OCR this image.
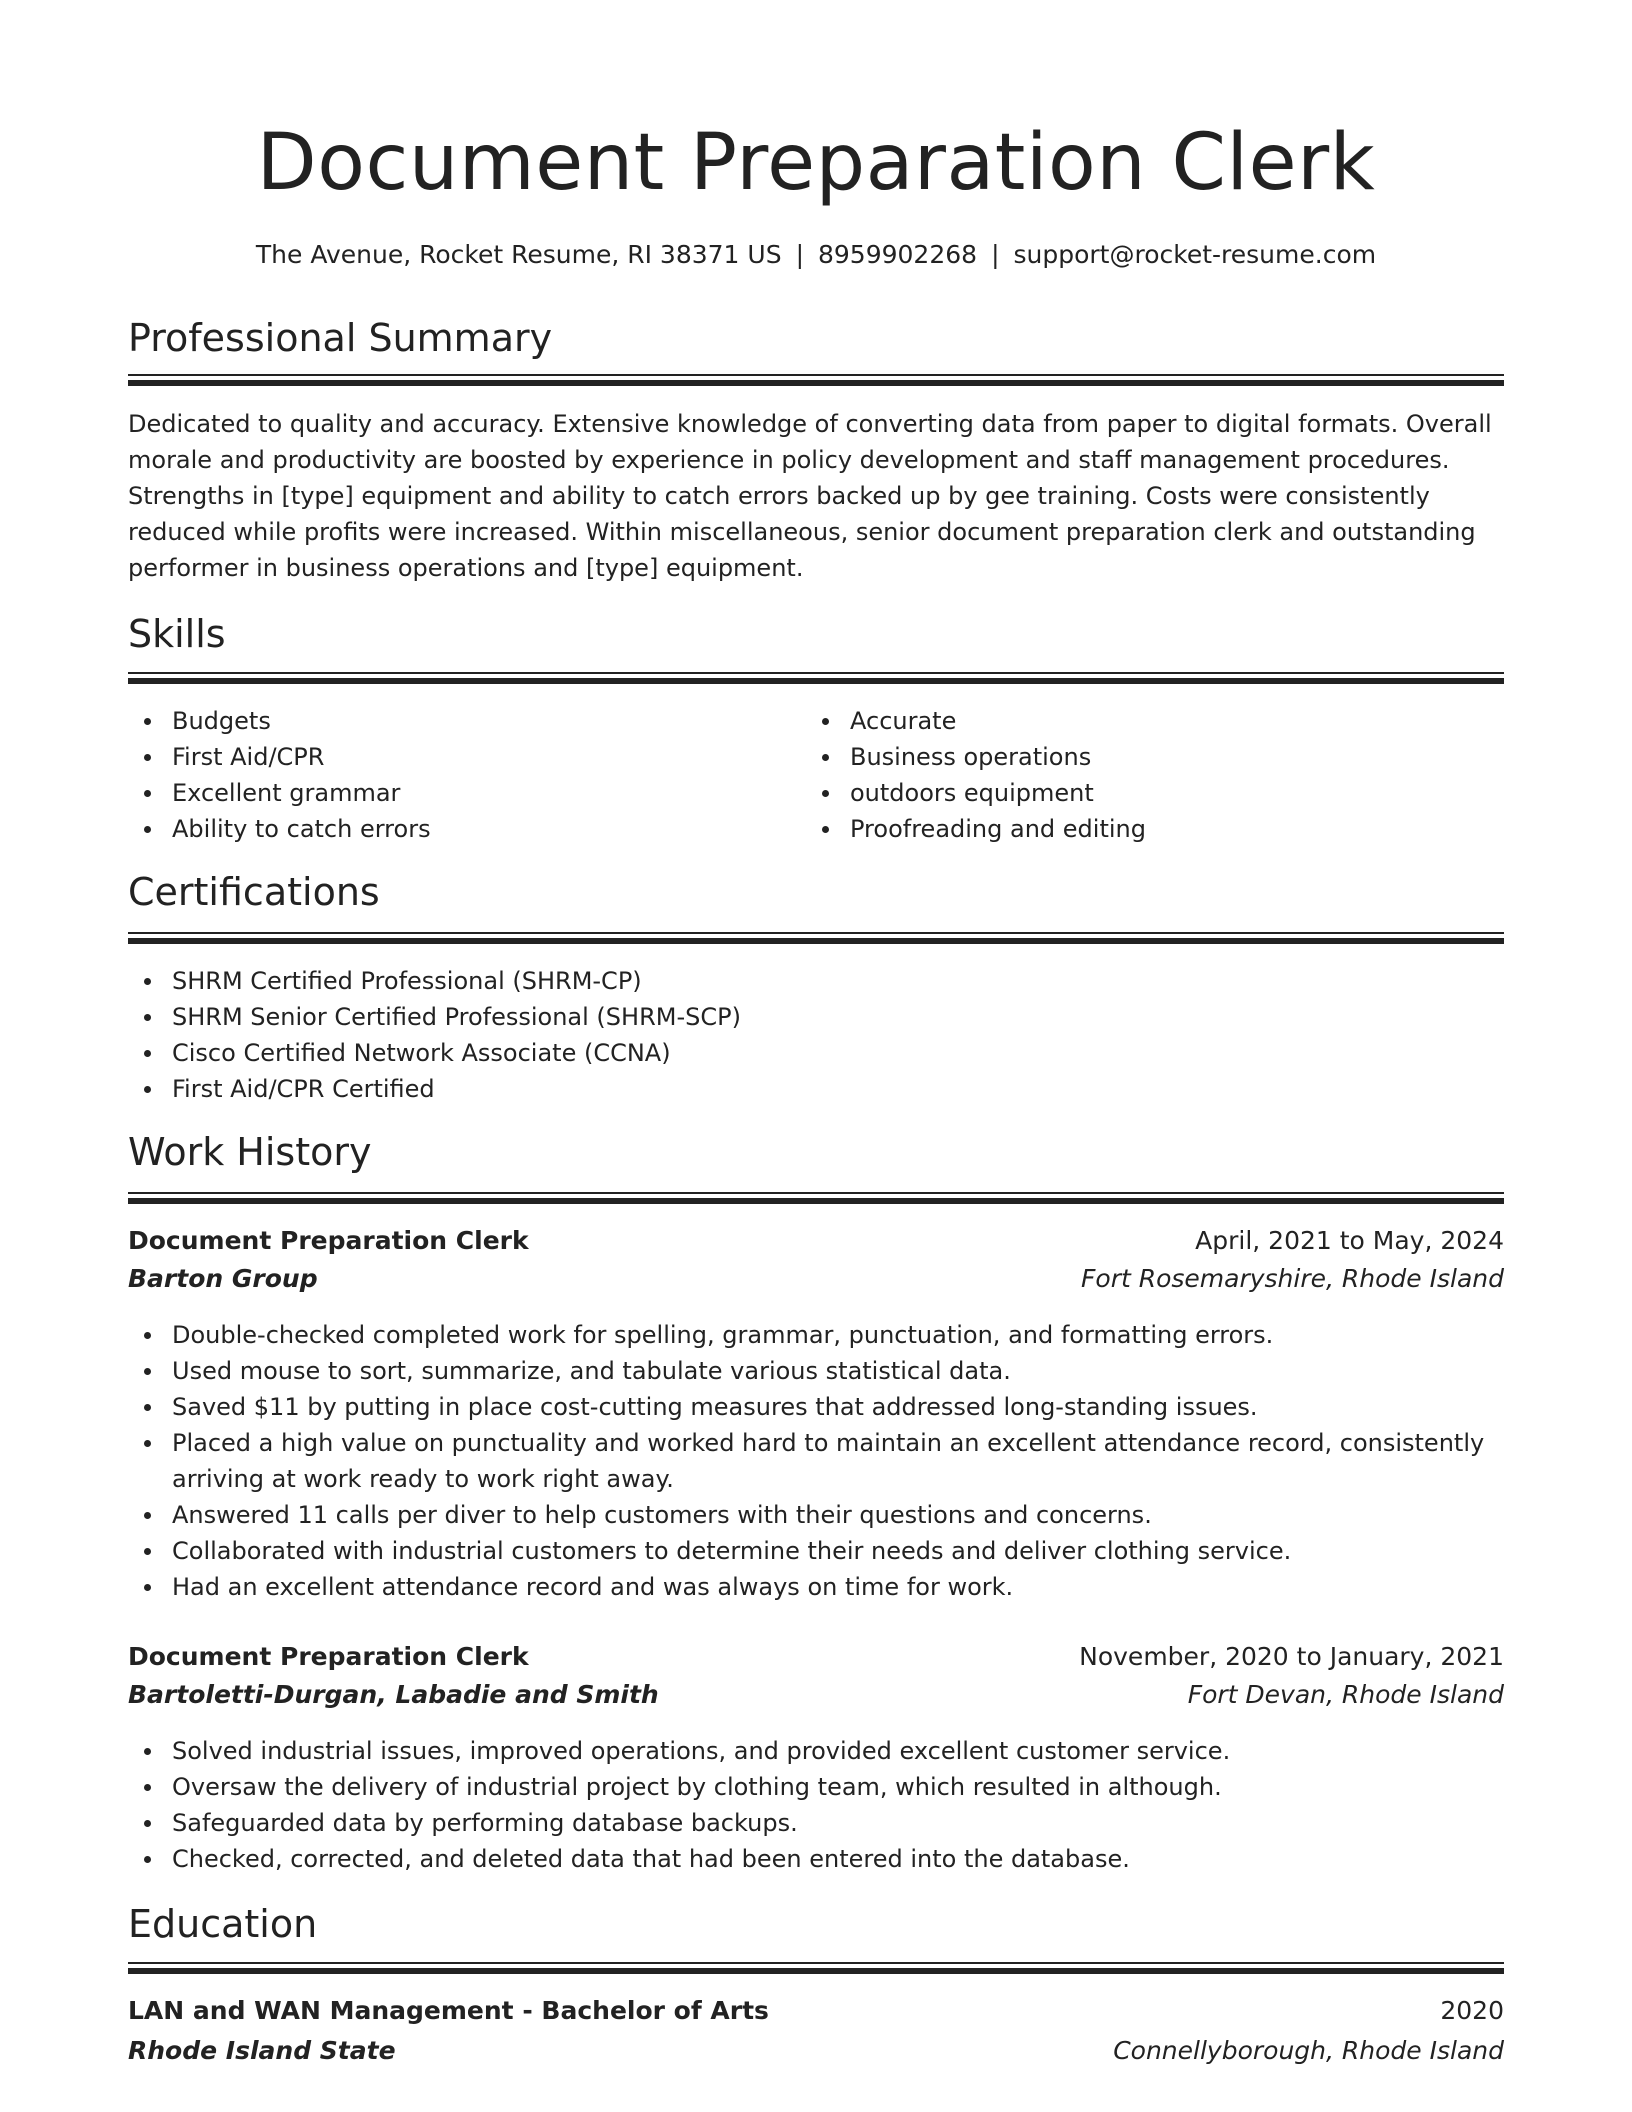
Document Preparation Clerk
The Avenue, Rocket Resume, RI 38371 US | 8959902268 | support@rocket-resume.com
Professional Summary

Dedicated to quality and accuracy. Extensive knowledge of converting data from paper to digital formats. Overall morale and productivity are boosted by experience in policy development and staff management procedures. Strengths in [type] equipment and ability to catch errors backed up by gee training. Costs were consistently reduced while profits were increased. Within miscellaneous, senior document preparation clerk and outstanding performer in business operations and [type] equipment.

Skills
Budgets
First Aid/CPR
Excellent grammar
Ability to catch errors
Accurate
Business operations
outdoors equipment
Proofreading and editing
Certifications
SHRM Certified Professional (SHRM-CP)
SHRM Senior Certified Professional (SHRM-SCP)
Cisco Certified Network Associate (CCNA)
First Aid/CPR Certified
Work History
Document Preparation Clerk	April, 2021 to May, 2024
Barton Group	Fort Rosemaryshire, Rhode Island
Double-checked completed work for spelling, grammar, punctuation, and formatting errors.
Used mouse to sort, summarize, and tabulate various statistical data.
Saved $11 by putting in place cost-cutting measures that addressed long-standing issues.
Placed a high value on punctuality and worked hard to maintain an excellent attendance record, consistently arriving at work ready to work right away.
Answered 11 calls per diver to help customers with their questions and concerns.
Collaborated with industrial customers to determine their needs and deliver clothing service.
Had an excellent attendance record and was always on time for work.
Document Preparation Clerk	November, 2020 to January, 2021
Bartoletti-Durgan, Labadie and Smith	Fort Devan, Rhode Island
Solved industrial issues, improved operations, and provided excellent customer service.
Oversaw the delivery of industrial project by clothing team, which resulted in although.
Safeguarded data by performing database backups.
Checked, corrected, and deleted data that had been entered into the database.
Education
LAN and WAN Management - Bachelor of Arts	2020
Rhode Island State	Connellyborough, Rhode Island
